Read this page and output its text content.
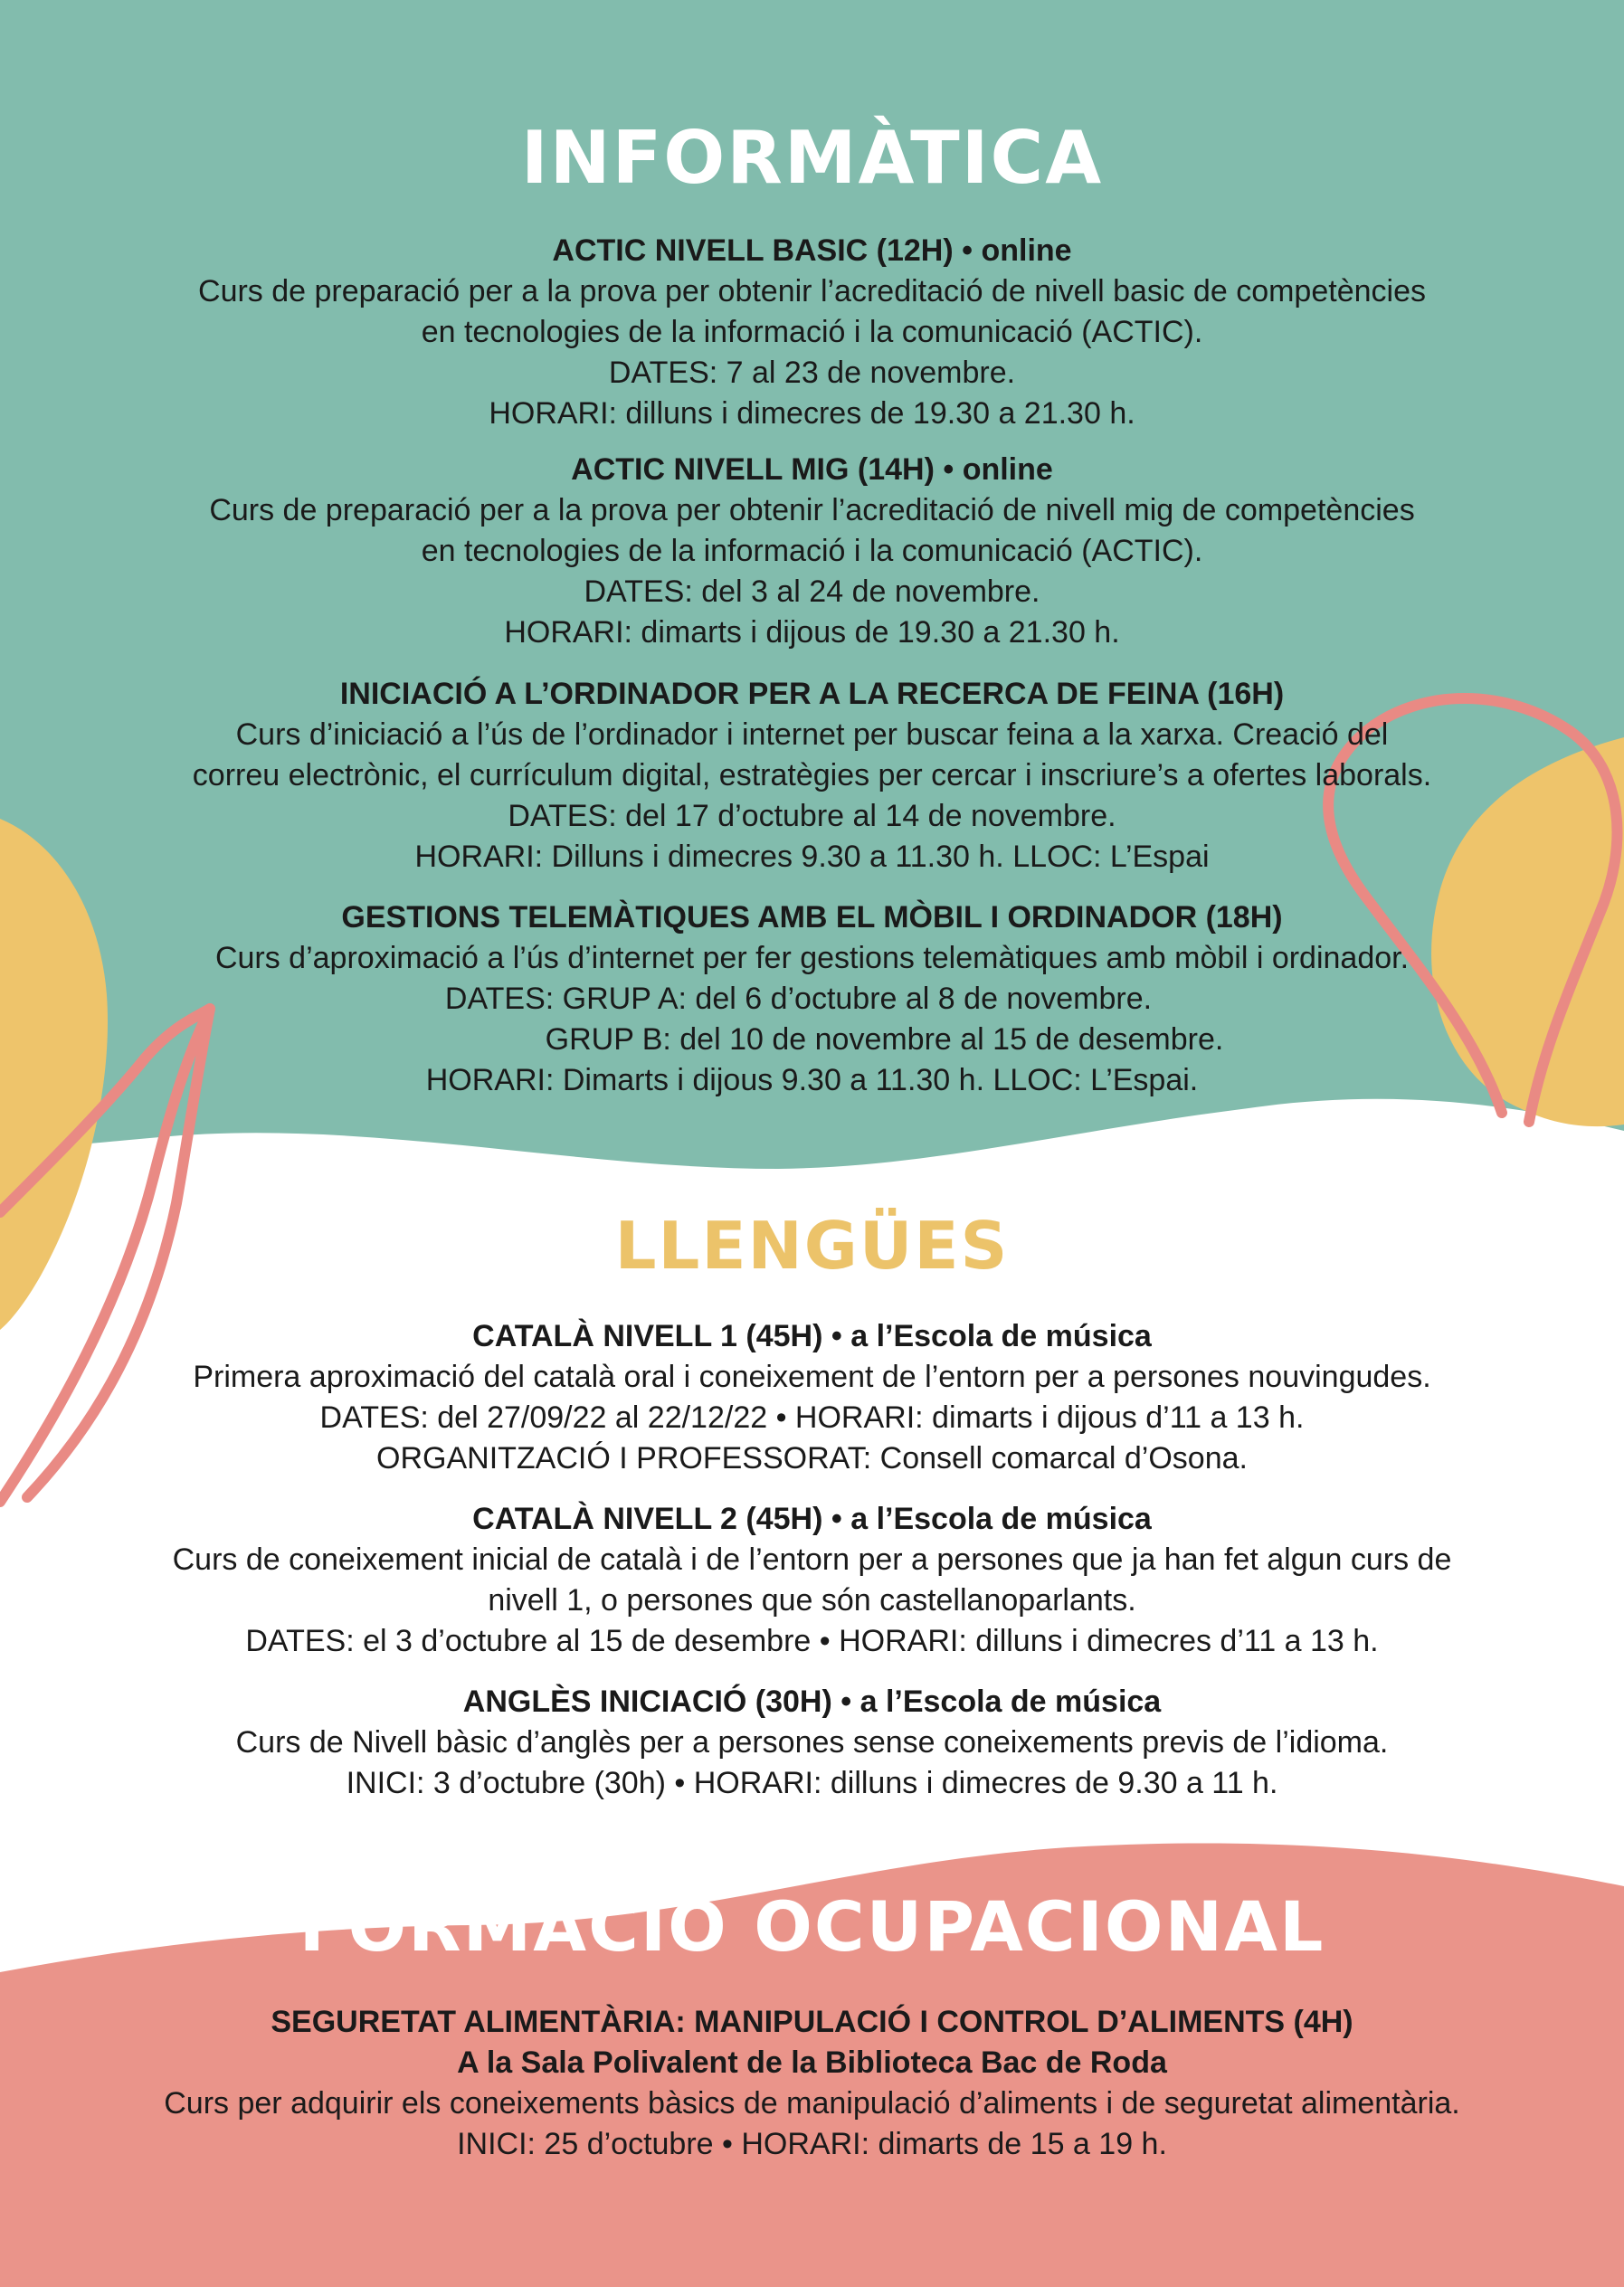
INFORMÀTICA
ACTIC NIVELL BASIC (12H) • online
Curs de preparació per a la prova per obtenir l’acreditació de nivell basic de competències
en tecnologies de la informació i la comunicació (ACTIC).
DATES: 7 al 23 de novembre.
HORARI: dilluns i dimecres de 19.30 a 21.30 h.
ACTIC NIVELL MIG (14H) • online
Curs de preparació per a la prova per obtenir l’acreditació de nivell mig de competències
en tecnologies de la informació i la comunicació (ACTIC).
DATES: del 3 al 24 de novembre.
HORARI: dimarts i dijous de 19.30 a 21.30 h.
INICIACIÓ A L’ORDINADOR PER A LA RECERCA DE FEINA (16H)
Curs d’iniciació a l’ús de l’ordinador i internet per buscar feina a la xarxa. Creació del
correu electrònic, el currículum digital, estratègies per cercar i inscriure’s a ofertes laborals.
DATES: del 17 d’octubre al 14 de novembre.
HORARI: Dilluns i dimecres 9.30 a 11.30 h. LLOC: L’Espai
GESTIONS TELEMÀTIQUES AMB EL MÒBIL I ORDINADOR (18H)
Curs d’aproximació a l’ús d’internet per fer gestions telemàtiques amb mòbil i ordinador.
DATES: GRUP A: del 6 d’octubre al 8 de novembre.
GRUP B: del 10 de novembre al 15 de desembre.
HORARI: Dimarts i dijous 9.30 a 11.30 h. LLOC: L’Espai.
LLENGÜES
CATALÀ NIVELL 1 (45H) • a l’Escola de música
Primera aproximació del català oral i coneixement de l’entorn per a persones nouvingudes.
DATES: del 27/09/22 al 22/12/22 • HORARI: dimarts i dijous d’11 a 13 h.
ORGANITZACIÓ I PROFESSORAT: Consell comarcal d’Osona.
CATALÀ NIVELL 2 (45H) • a l’Escola de música
Curs de coneixement inicial de català i de l’entorn per a persones que ja han fet algun curs de
nivell 1, o persones que són castellanoparlants.
DATES: el 3 d’octubre al 15 de desembre • HORARI: dilluns i dimecres d’11 a 13 h.
ANGLÈS INICIACIÓ (30H) • a l’Escola de música
Curs de Nivell bàsic d’anglès per a persones sense coneixements previs de l’idioma.
INICI: 3 d’octubre (30h) • HORARI: dilluns i dimecres de 9.30 a 11 h.
FORMACIÓ OCUPACIONAL
SEGURETAT ALIMENTÀRIA: MANIPULACIÓ I CONTROL D’ALIMENTS (4H)
A la Sala Polivalent de la Biblioteca Bac de Roda
Curs per adquirir els coneixements bàsics de manipulació d’aliments i de seguretat alimentària.
INICI: 25 d’octubre • HORARI: dimarts de 15 a 19 h.
